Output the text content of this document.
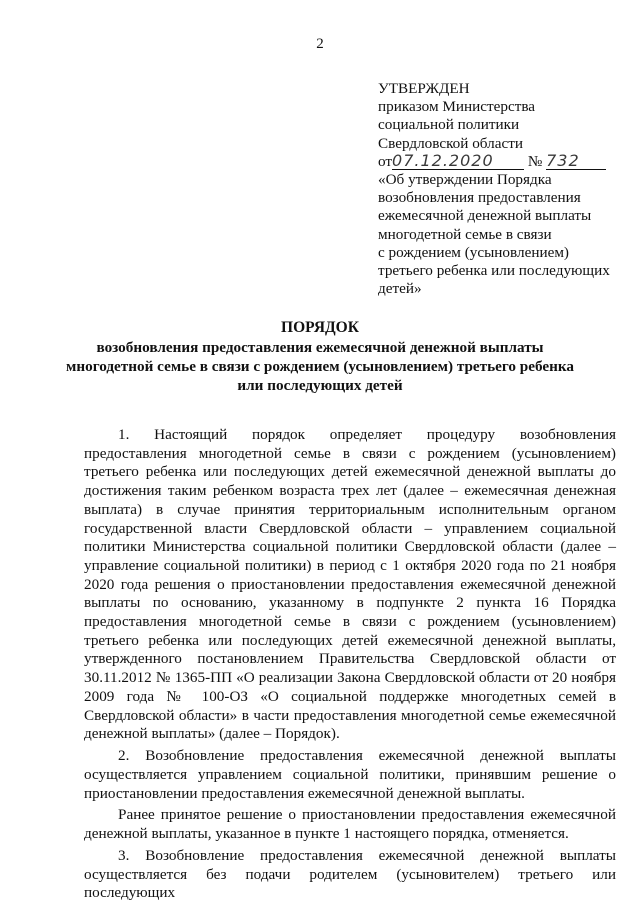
2
УТВЕРЖДЕН
приказом Министерства
социальной политики
Свердловской области
от07.12.2020 № 732
«Об утверждении Порядка
возобновления предоставления
ежемесячной денежной выплаты
многодетной семье в связи
с рождением (усыновлением)
третьего ребенка или последующих
детей»
ПОРЯДОК
возобновления предоставления ежемесячной денежной выплаты
многодетной семье в связи с рождением (усыновлением) третьего ребенка
или последующих детей

1. Настоящий порядок определяет процедуру возобновления предоставления многодетной семье в связи с рождением (усыновлением) третьего ребенка или последующих детей ежемесячной денежной выплаты до достижения таким ребенком возраста трех лет (далее – ежемесячная денежная выплата) в случае принятия территориальным исполнительным органом государственной власти Свердловской области – управлением социальной политики Министерства социальной политики Свердловской области (далее – управление социальной политики) в период с 1 октября 2020 года по 21 ноября 2020 года решения о приостановлении предоставления ежемесячной денежной выплаты по основанию, указанному в подпункте 2 пункта 16 Порядка предоставления многодетной семье в связи с рождением (усыновлением) третьего ребенка или последующих детей ежемесячной денежной выплаты, утвержденного постановлением Правительства Свердловской области от 30.11.2012 № 1365-ПП «О реализации Закона Свердловской области от 20 ноября 2009 года № 100-ОЗ «О социальной поддержке многодетных семей в Свердловской области» в части предоставления многодетной семье ежемесячной денежной выплаты» (далее – Порядок).

2. Возобновление предоставления ежемесячной денежной выплаты осуществляется управлением социальной политики, принявшим решение о приостановлении предоставления ежемесячной денежной выплаты.

Ранее принятое решение о приостановлении предоставления ежемесячной денежной выплаты, указанное в пункте 1 настоящего порядка, отменяется.

3. Возобновление предоставления ежемесячной денежной выплаты осуществляется без подачи родителем (усыновителем) третьего или последующих
